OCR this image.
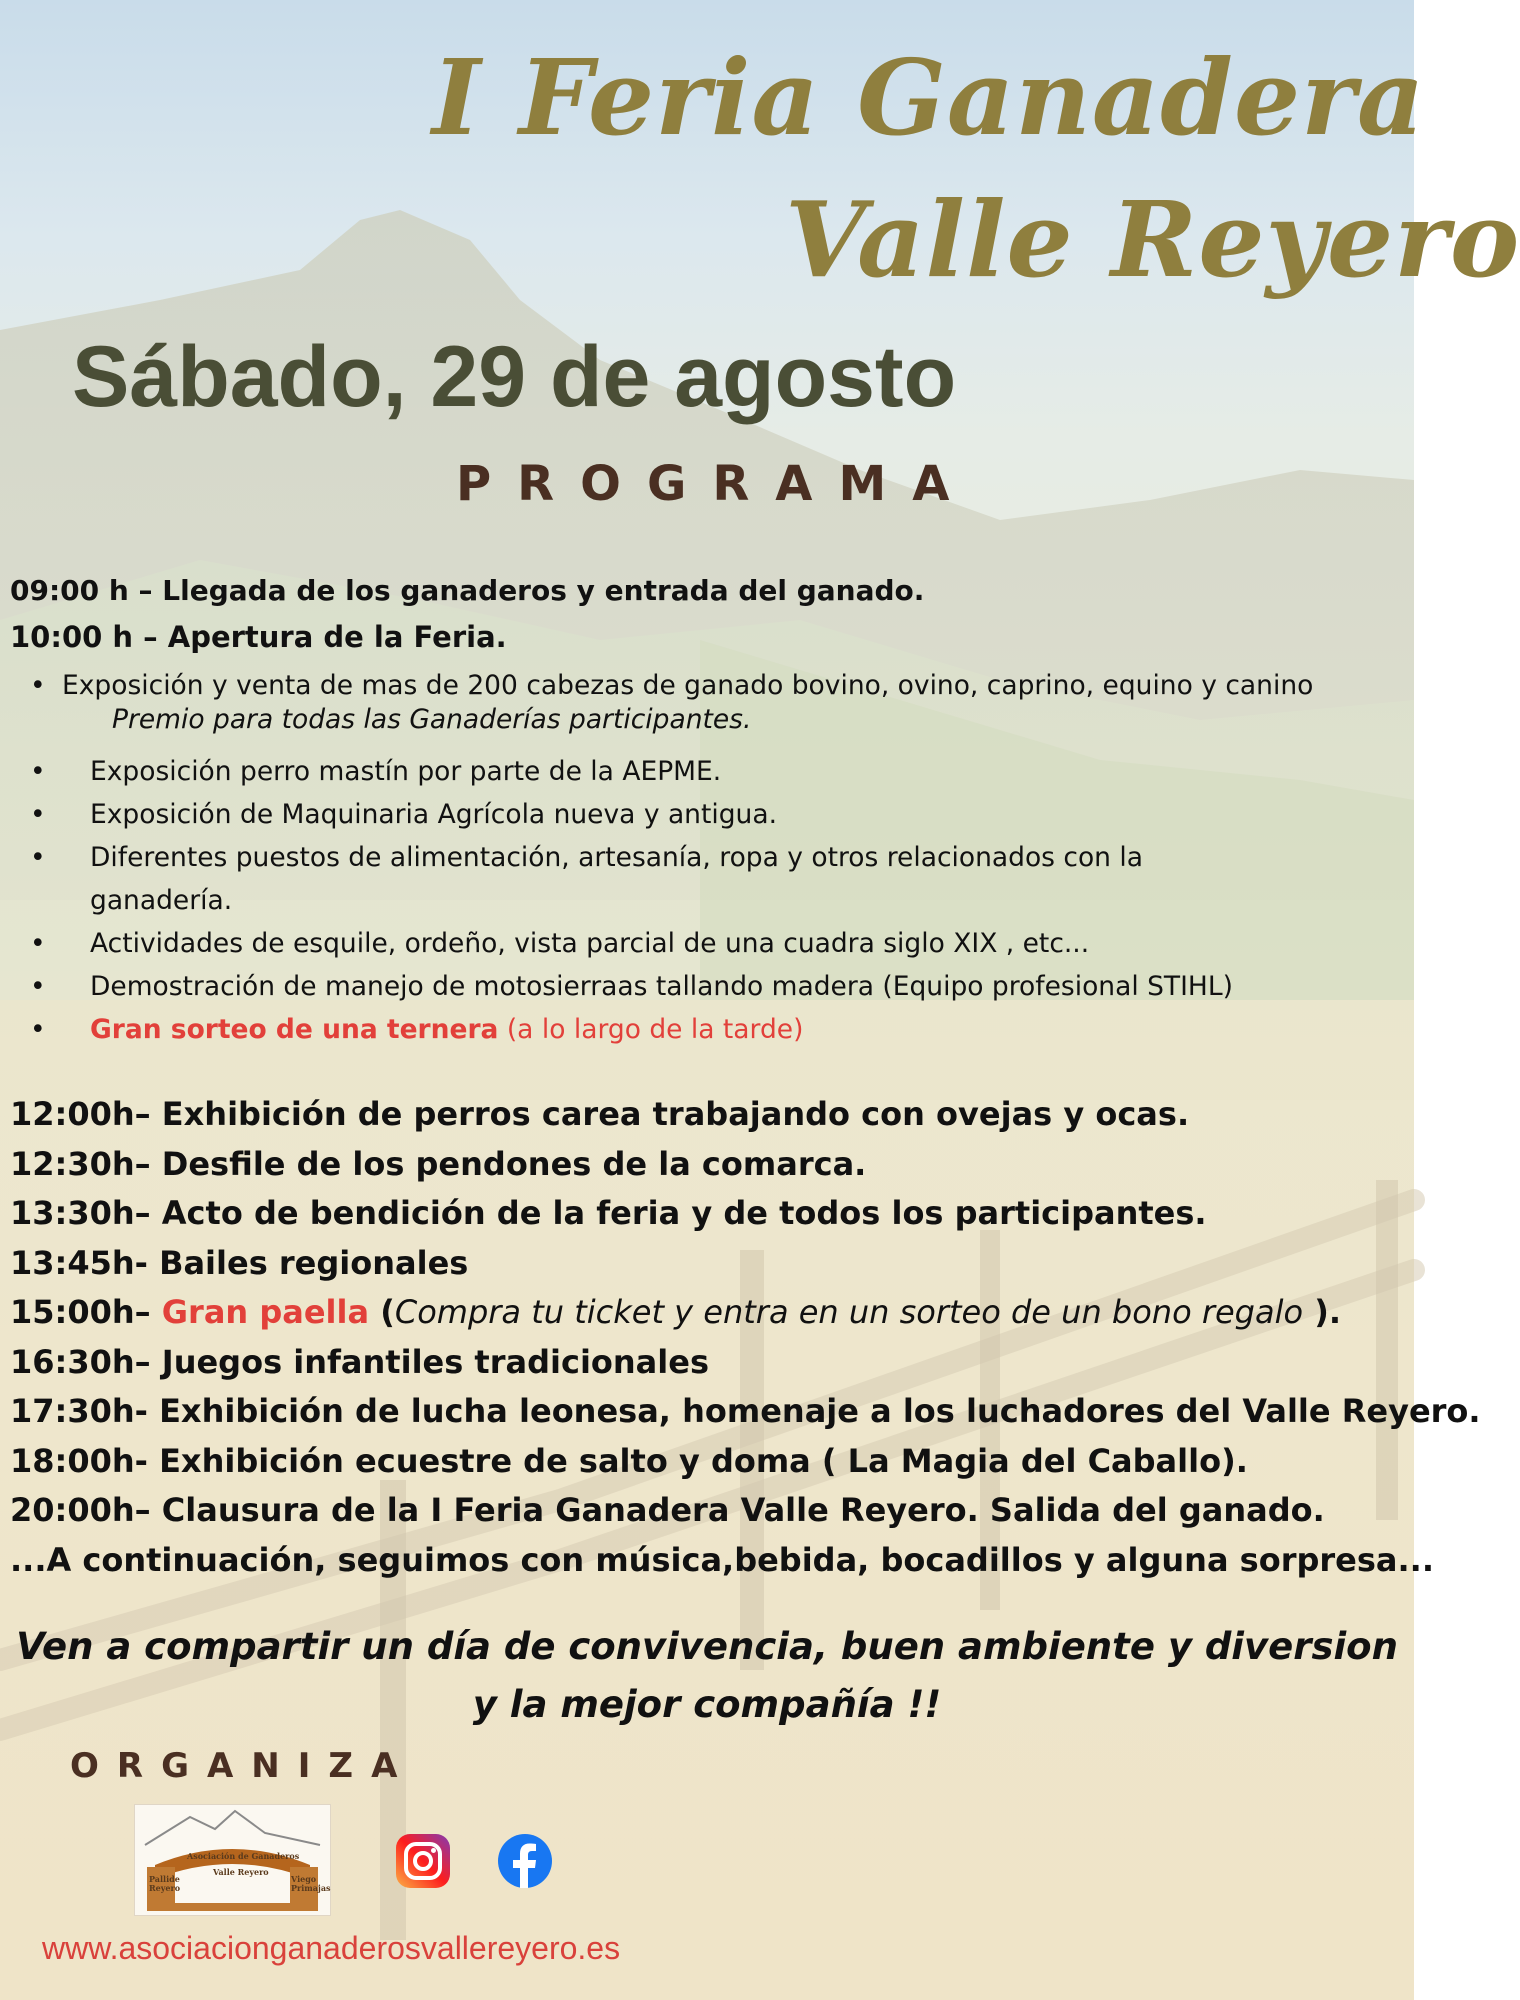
I Feria Ganadera
Valle Reyero
Sábado, 29 de agosto
PROGRAMA

09:00 h – Llegada de los ganaderos y entrada del ganado.

10:00 h – Apertura de la Feria.

• Exposición y venta de mas de 200 cabezas de ganado bovino, ovino, caprino, equino y canino
• Exposición perro mastín por parte de la AEPME.
• Exposición de Maquinaria Agrícola nueva y antigua.
• Diferentes puestos de alimentación, artesanía, ropa y otros relacionados con la ganadería.
• Actividades de esquile, ordeño, vista parcial de una cuadra siglo XIX , etc...
• Demostración de manejo de motosierraas tallando madera (Equipo profesional STIHL)
• Gran sorteo de una ternera (a lo largo de la tarde)
Premio para todas las Ganaderías participantes.
12:00h– Exhibición de perros carea trabajando con ovejas y ocas.
12:30h– Desfile de los pendones de la comarca.
13:30h– Acto de bendición de la feria y de todos los participantes.
13:45h- Bailes regionales
15:00h– Gran paella (Compra tu ticket y entra en un sorteo de un bono regalo ).
16:30h– Juegos infantiles tradicionales
17:30h- Exhibición de lucha leonesa, homenaje a los luchadores del Valle Reyero.
18:00h- Exhibición ecuestre de salto y doma ( La Magia del Caballo).
20:00h– Clausura de la I Feria Ganadera Valle Reyero. Salida del ganado.
...A continuación, seguimos con música,bebida, bocadillos y alguna sorpresa...

Ven a compartir un día de convivencia, buen ambiente y diversion

y la mejor compañía !!

ORGANIZA

Asociación de Ganaderos
Valle Reyero
Pallide Reyero
Viego Primajas

www.asociacionganaderosvallereyero.es
